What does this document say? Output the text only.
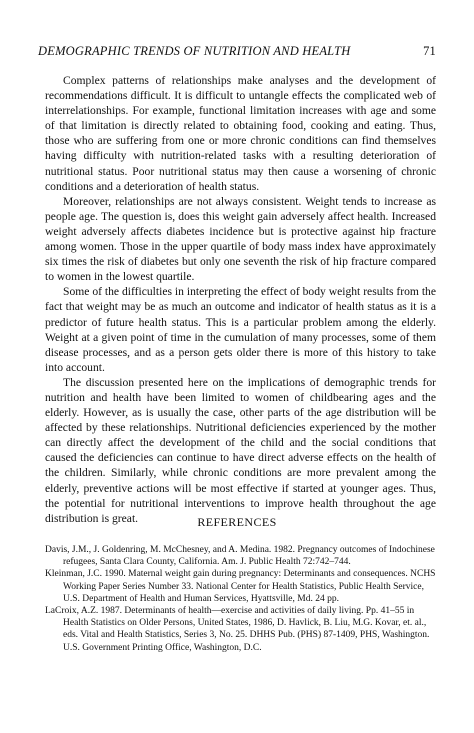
DEMOGRAPHIC TRENDS OF NUTRITION AND HEALTH	71

Complex patterns of relationships make analyses and the development of recommendations difficult. It is difficult to untangle effects the complicated web of interrelationships. For example, functional limitation increases with age and some of that limitation is directly related to obtaining food, cooking and eating. Thus, those who are suffering from one or more chronic conditions can find themselves having difficulty with nutrition-related tasks with a resulting deterioration of nutritional status. Poor nutritional status may then cause a worsening of chronic conditions and a deterioration of health status.

Moreover, relationships are not always consistent. Weight tends to increase as people age. The question is, does this weight gain adversely affect health. Increased weight adversely affects diabetes incidence but is protective against hip fracture among women. Those in the upper quartile of body mass index have approximately six times the risk of diabetes but only one seventh the risk of hip fracture compared to women in the lowest quartile.

Some of the difficulties in interpreting the effect of body weight results from the fact that weight may be as much an outcome and indicator of health status as it is a predictor of future health status. This is a particular problem among the elderly. Weight at a given point of time in the cumulation of many processes, some of them disease processes, and as a person gets older there is more of this history to take into account.

The discussion presented here on the implications of demographic trends for nutrition and health have been limited to women of childbearing ages and the elderly. However, as is usually the case, other parts of the age distribution will be affected by these relationships. Nutritional deficiencies experienced by the mother can directly affect the development of the child and the social conditions that caused the deficiencies can continue to have direct adverse effects on the health of the children. Similarly, while chronic conditions are more prevalent among the elderly, preventive actions will be most effective if started at younger ages. Thus, the potential for nutritional interventions to improve health throughout the age distribution is great.	REFERENCES

Davis, J.M., J. Goldenring, M. McChesney, and A. Medina. 1982. Pregnancy outcomes of Indochinese refugees, Santa Clara County, California. Am. J. Public Health 72:742–744.

Kleinman, J.C. 1990. Maternal weight gain during pregnancy: Determinants and consequences. NCHS Working Paper Series Number 33. National Center for Health Statistics, Public Health Service, U.S. Department of Health and Human Services, Hyattsville, Md. 24 pp.

LaCroix, A.Z. 1987. Determinants of health—exercise and activities of daily living. Pp. 41–55 in Health Statistics on Older Persons, United States, 1986, D. Havlick, B. Liu, M.G. Kovar, et. al., eds. Vital and Health Statistics, Series 3, No. 25. DHHS Pub. (PHS) 87-1409, PHS, Washington. U.S. Government Printing Office, Washington, D.C.
